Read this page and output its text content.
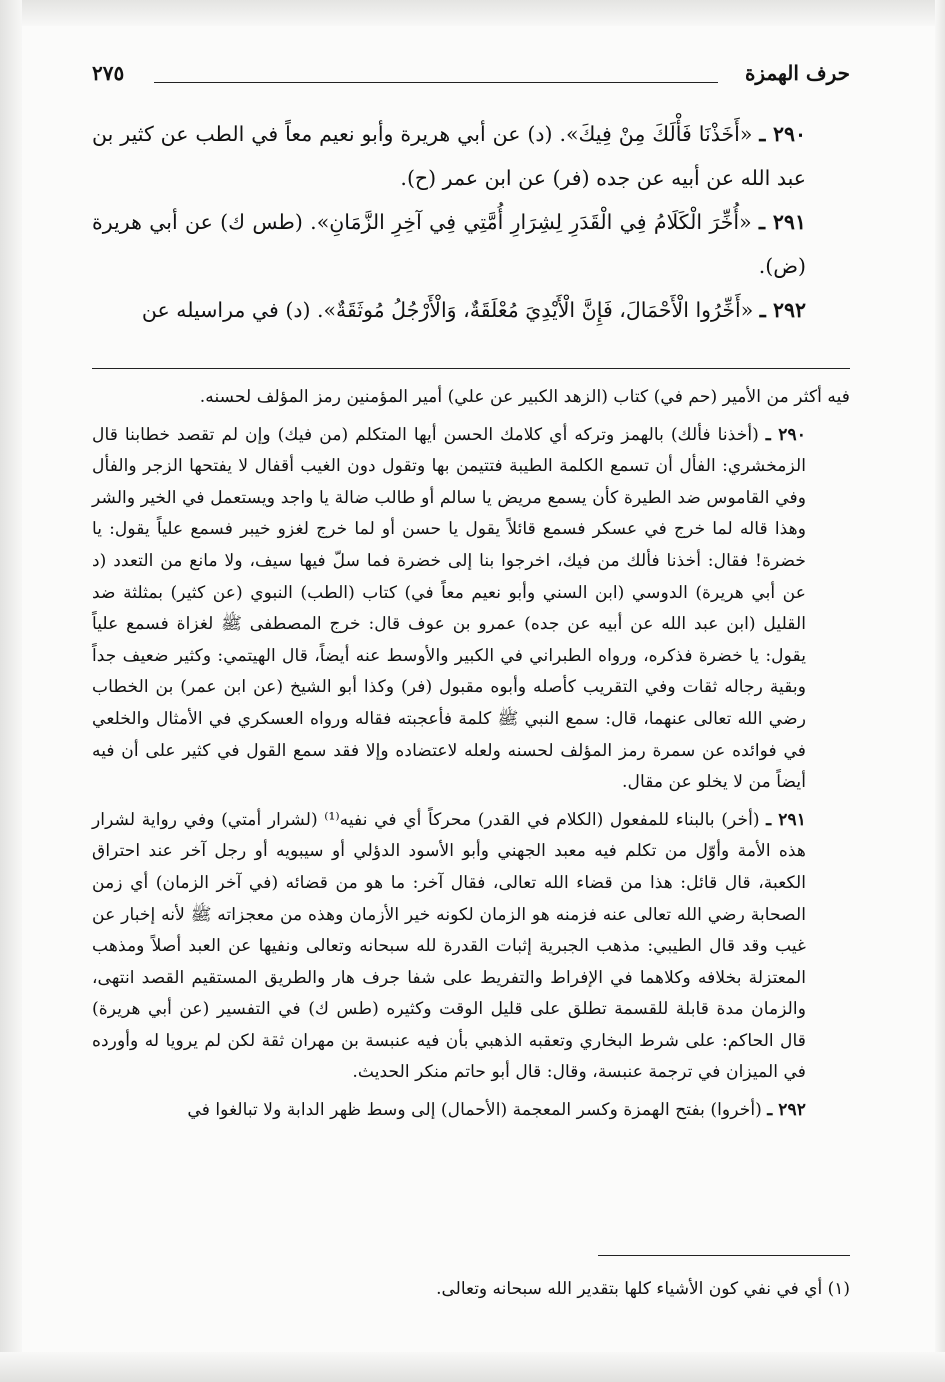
حرف الهمزة
٢٧٥

٢٩٠ ـ «أَخَذْنَا فَأْلَكَ مِنْ فِيكَ». (د) عن أبي هريرة وأبو نعيم معاً في الطب عن كثير بن عبد الله عن أبيه عن جده (فر) عن ابن عمر (ح).

٢٩١ ـ «أُخِّرَ الْكَلَامُ فِي الْقَدَرِ لِشِرَارِ أُمَّتِي فِي آخِرِ الزَّمَانِ». (طس ك) عن أبي هريرة (ض).

٢٩٢ ـ «أَخِّرُوا الْأَحْمَالَ، فَإِنَّ الْأَيْدِيَ مُعْلَقَةٌ، وَالْأَرْجُلُ مُوثَقَةٌ». (د) في مراسيله عن

فيه أكثر من الأمير (حم في) كتاب (الزهد الكبير عن علي) أمير المؤمنين رمز المؤلف لحسنه.

٢٩٠ ـ (أخذنا فألك) بالهمز وتركه أي كلامك الحسن أيها المتكلم (من فيك) وإن لم تقصد خطابنا قال الزمخشري: الفأل أن تسمع الكلمة الطيبة فتتيمن بها وتقول دون الغيب أقفال لا يفتحها الزجر والفأل وفي القاموس ضد الطيرة كأن يسمع مريض يا سالم أو طالب ضالة يا واجد ويستعمل في الخير والشر وهذا قاله لما خرج في عسكر فسمع قائلاً يقول يا حسن أو لما خرج لغزو خيبر فسمع علياً يقول: يا خضرة! فقال: أخذنا فألك من فيك، اخرجوا بنا إلى خضرة فما سلّ فيها سيف، ولا مانع من التعدد (د عن أبي هريرة) الدوسي (ابن السني وأبو نعيم معاً في) كتاب (الطب) النبوي (عن كثير) بمثلثة ضد القليل (ابن عبد الله عن أبيه عن جده) عمرو بن عوف قال: خرج المصطفى ﷺ لغزاة فسمع علياً يقول: يا خضرة فذكره، ورواه الطبراني في الكبير والأوسط عنه أيضاً، قال الهيتمي: وكثير ضعيف جداً وبقية رجاله ثقات وفي التقريب كأصله وأبوه مقبول (فر) وكذا أبو الشيخ (عن ابن عمر) بن الخطاب رضي الله تعالى عنهما، قال: سمع النبي ﷺ كلمة فأعجبته فقاله ورواه العسكري في الأمثال والخلعي في فوائده عن سمرة رمز المؤلف لحسنه ولعله لاعتضاده وإلا فقد سمع القول في كثير على أن فيه أيضاً من لا يخلو عن مقال.

٢٩١ ـ (أخر) بالبناء للمفعول (الكلام في القدر) محركاً أي في نفيه⁽¹⁾ (لشرار أمتي) وفي رواية لشرار هذه الأمة وأوّل من تكلم فيه معبد الجهني وأبو الأسود الدؤلي أو سيبويه أو رجل آخر عند احتراق الكعبة، قال قائل: هذا من قضاء الله تعالى، فقال آخر: ما هو من قضائه (في آخر الزمان) أي زمن الصحابة رضي الله تعالى عنه فزمنه هو الزمان لكونه خير الأزمان وهذه من معجزاته ﷺ لأنه إخبار عن غيب وقد قال الطيبي: مذهب الجبرية إثبات القدرة لله سبحانه وتعالى ونفيها عن العبد أصلاً ومذهب المعتزلة بخلافه وكلاهما في الإفراط والتفريط على شفا جرف هار والطريق المستقيم القصد انتهى، والزمان مدة قابلة للقسمة تطلق على قليل الوقت وكثيره (طس ك) في التفسير (عن أبي هريرة) قال الحاكم: على شرط البخاري وتعقبه الذهبي بأن فيه عنبسة بن مهران ثقة لكن لم يرويا له وأورده في الميزان في ترجمة عنبسة، وقال: قال أبو حاتم منكر الحديث.

٢٩٢ ـ (أخروا) بفتح الهمزة وكسر المعجمة (الأحمال) إلى وسط ظهر الدابة ولا تبالغوا في

(١) أي في نفي كون الأشياء كلها بتقدير الله سبحانه وتعالى.
